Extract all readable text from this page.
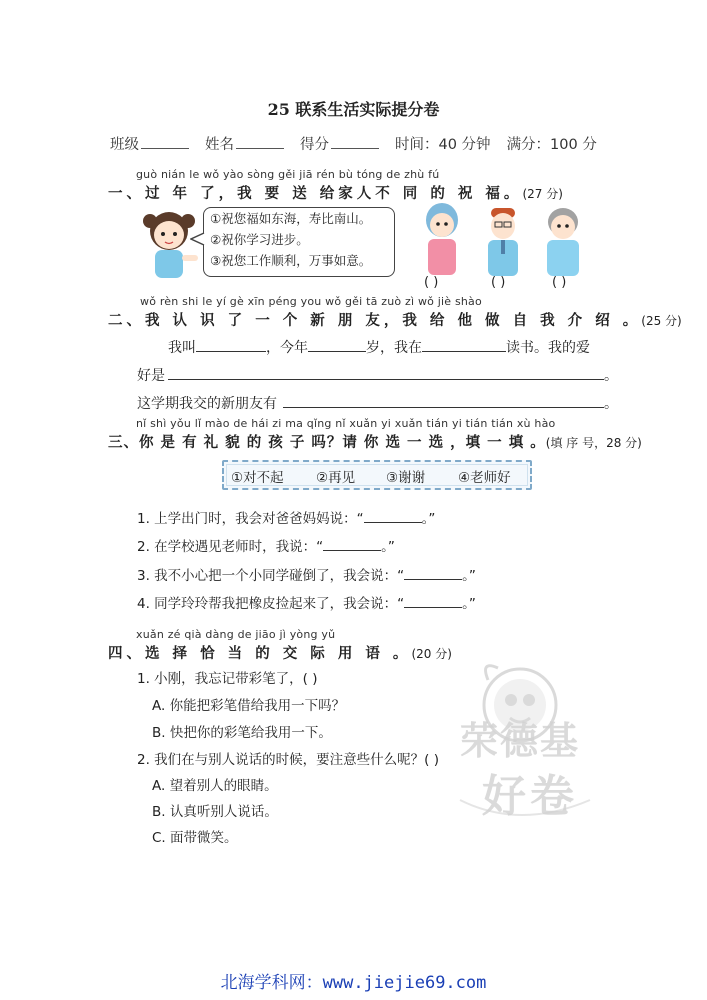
25 联系生活实际提分卷
班级	姓名	得分	时间：40 分钟 满分：100 分
guò nián le wǒ yào sòng gěi jiā rén bù tóng de zhù fú
一、过 年 了，我 要 送 给家人不 同 的 祝 福。(27 分)
①祝您福如东海，寿比南山。
②祝你学习进步。
③祝您工作顺利，万事如意。
( )	( )	( )
wǒ rèn shi le yí gè xīn péng you wǒ gěi tā zuò zì wǒ jiè shào
二、我 认 识 了 一 个 新 朋 友，我 给 他 做 自 我 介 绍 。(25 分)
我叫	，今年	岁，我在	读书。我的爱
好是	。
这学期我交的新朋友有	。
nǐ shì yǒu lǐ mào de hái zi ma qǐng nǐ xuǎn yi xuǎn tián yi tián tián xù hào
三、你 是 有 礼 貌 的 孩 子 吗？请 你 选 一 选 ，填 一 填 。(填 序 号，28 分)
①对不起 ②再见 ③谢谢 ④老师好
1. 上学出门时，我会对爸爸妈妈说：“	。”
2. 在学校遇见老师时，我说：“	。”
3. 我不小心把一个小同学碰倒了，我会说：“	。”
4. 同学玲玲帮我把橡皮捡起来了，我会说：“	。”
xuǎn zé qià dàng de jiāo jì yòng yǔ
四、选 择 恰 当 的 交 际 用 语 。(20 分)
1. 小刚，我忘记带彩笔了，( )
A. 你能把彩笔借给我用一下吗？
B. 快把你的彩笔给我用一下。
2. 我们在与别人说话的时候，要注意些什么呢？( )
A. 望着别人的眼睛。
B. 认真听别人说话。
C. 面带微笑。
荣德基
好卷
北海学科网：www.jiejie69.com
